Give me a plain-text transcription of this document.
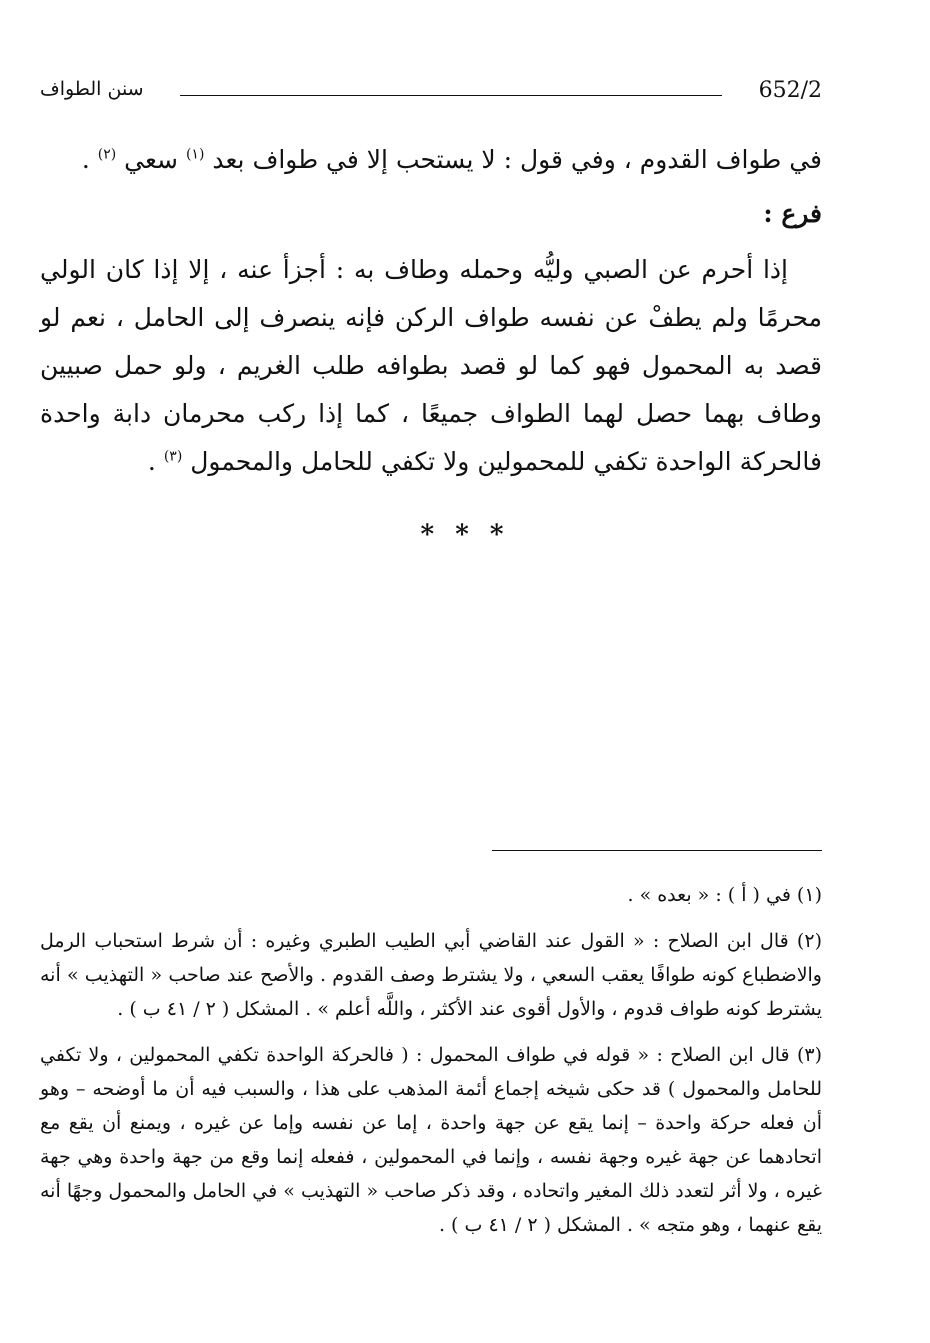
سنن الطواف	652/2

في طواف القدوم ، وفي قول : لا يستحب إلا في طواف بعد $^{(١)}$ سعي $^{(٢)}$ .

فرع :

إذا أحرم عن الصبي وليُّه وحمله وطاف به : أجزأ عنه ، إلا إذا كان الولي محرمًا ولم يطفْ عن نفسه طواف الركن فإنه ينصرف إلى الحامل ، نعم لو قصد به المحمول فهو كما لو قصد بطوافه طلب الغريم ، ولو حمل صبيين وطاف بهما حصل لهما الطواف جميعًا ، كما إذا ركب محرمان دابة واحدة فالحركة الواحدة تكفي للمحمولين ولا تكفي للحامل والمحمول $^{(٣)}$ .

* * *

(١) في ( أ ) : « بعده » .

(٢) قال ابن الصلاح : « القول عند القاضي أبي الطيب الطبري وغيره : أن شرط استحباب الرمل والاضطباع كونه طوافًا يعقب السعي ، ولا يشترط وصف القدوم . والأصح عند صاحب « التهذيب » أنه يشترط كونه طواف قدوم ، والأول أقوى عند الأكثر ، واللَّه أعلم » . المشكل ( ٢ / ٤١ ب ) .

(٣) قال ابن الصلاح : « قوله في طواف المحمول : ( فالحركة الواحدة تكفي المحمولين ، ولا تكفي للحامل والمحمول ) قد حكى شيخه إجماع أئمة المذهب على هذا ، والسبب فيه أن ما أوضحه – وهو أن فعله حركة واحدة – إنما يقع عن جهة واحدة ، إما عن نفسه وإما عن غيره ، ويمنع أن يقع مع اتحادهما عن جهة غيره وجهة نفسه ، وإنما في المحمولين ، ففعله إنما وقع من جهة واحدة وهي جهة غيره ، ولا أثر لتعدد ذلك المغير واتحاده ، وقد ذكر صاحب « التهذيب » في الحامل والمحمول وجهًا أنه يقع عنهما ، وهو متجه » . المشكل ( ٢ / ٤١ ب ) .
